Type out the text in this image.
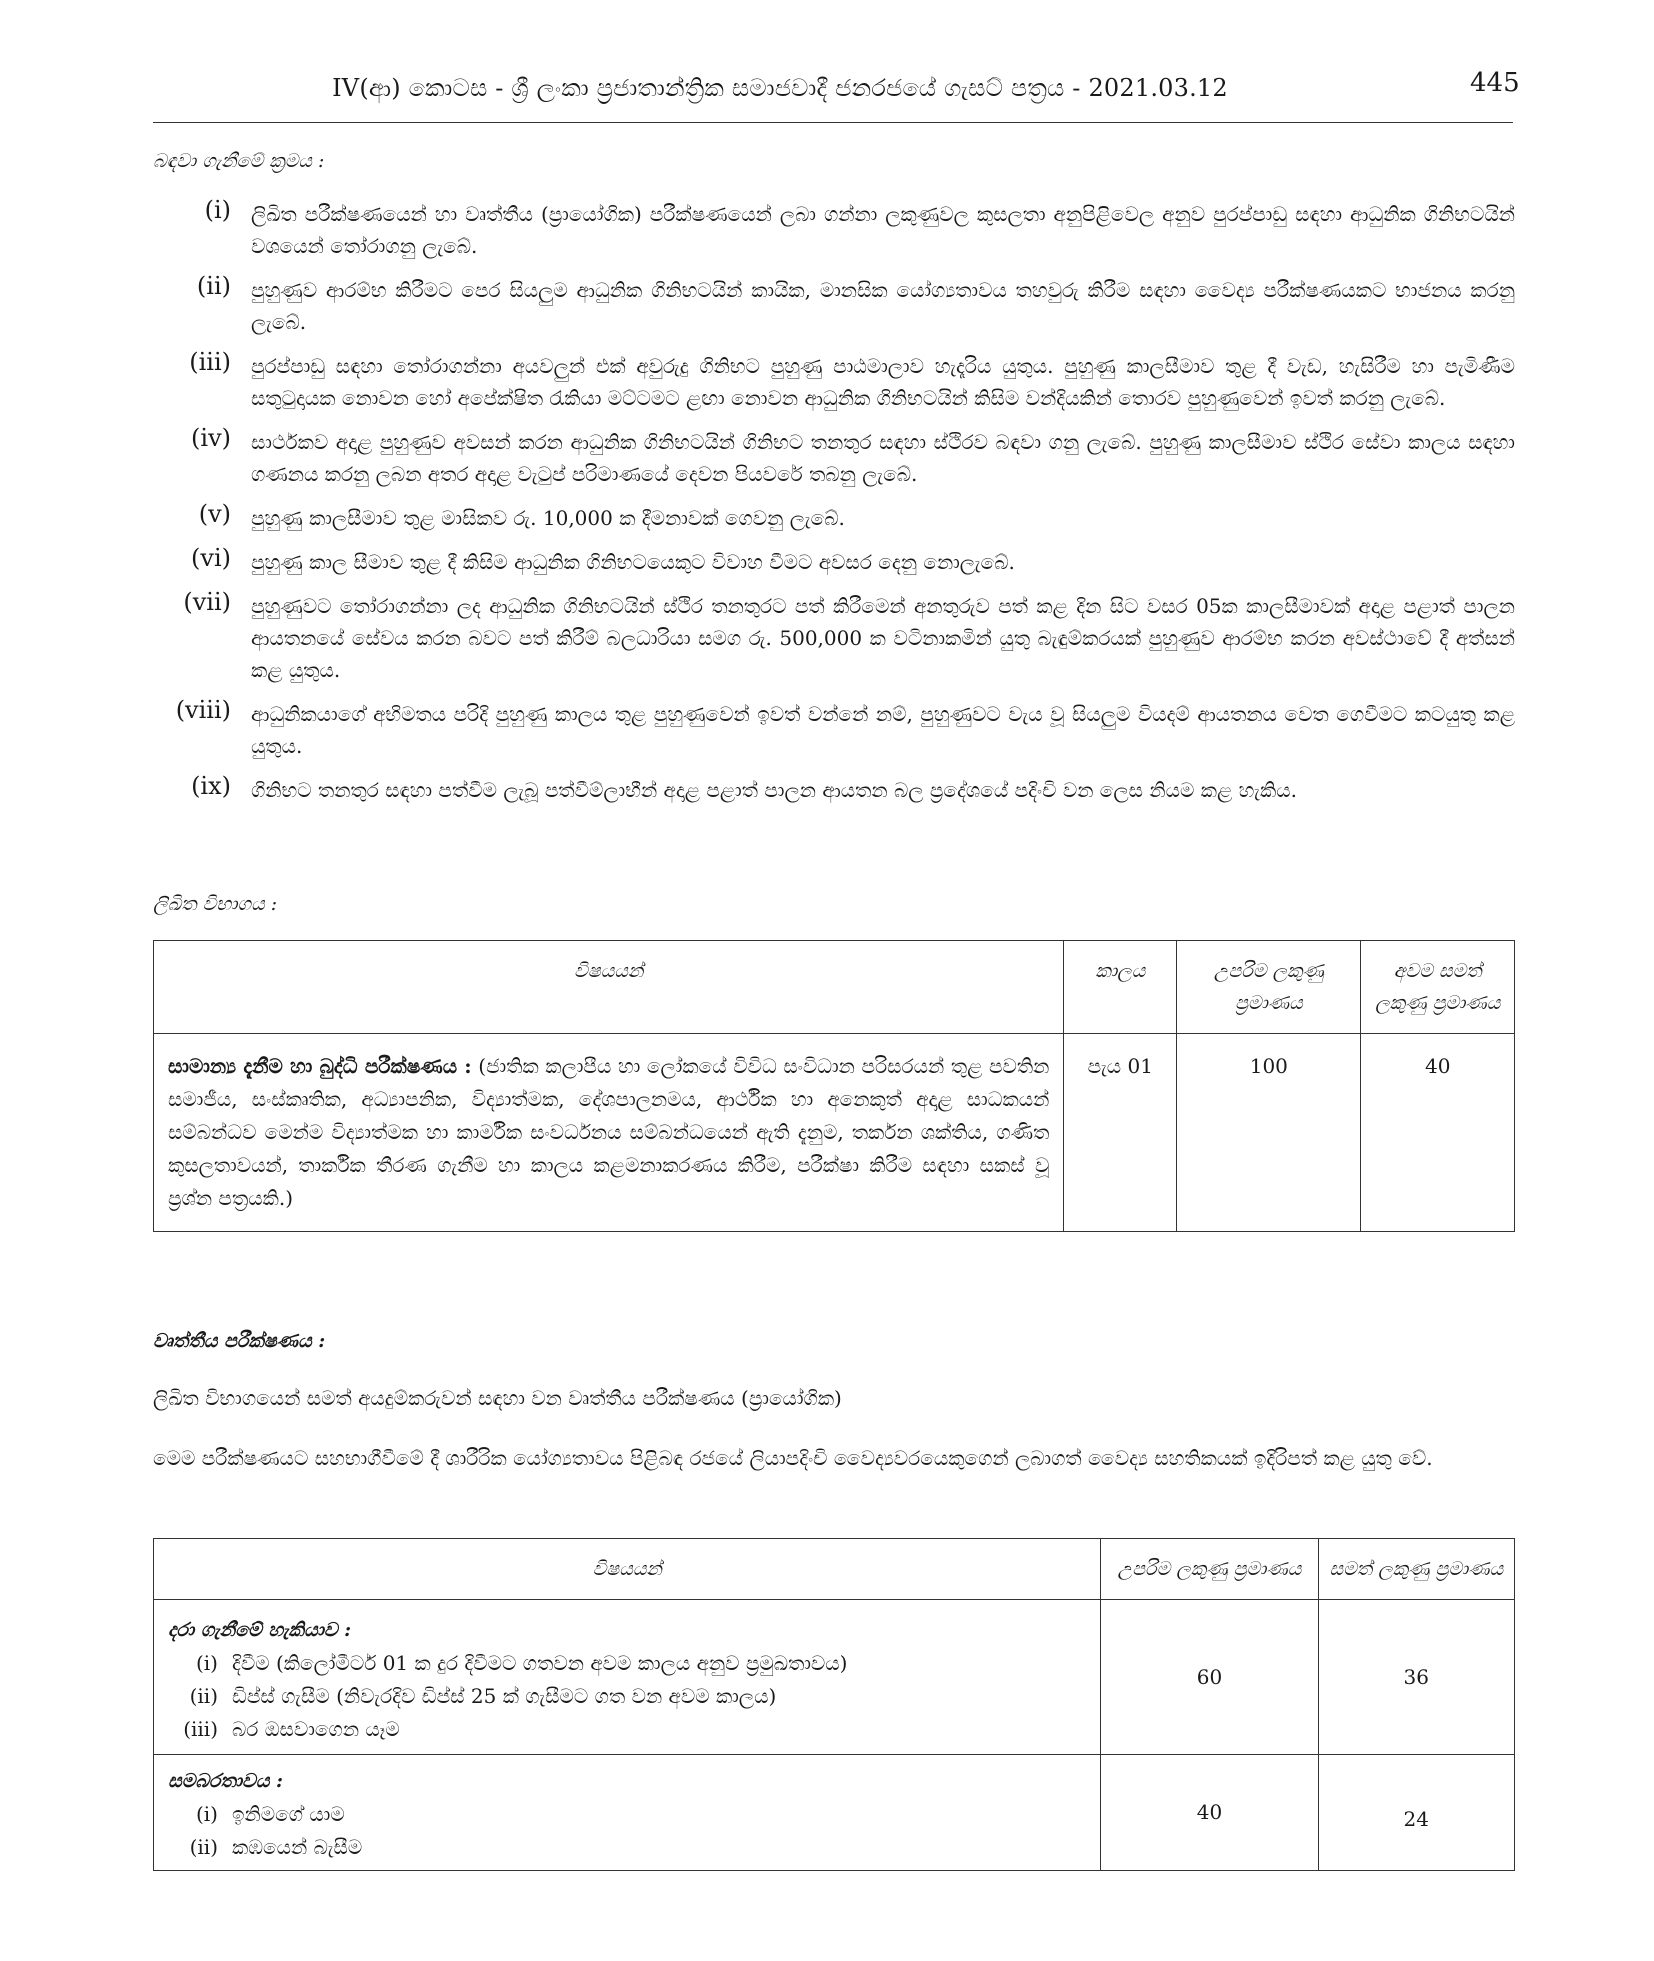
IV(ආ) කොටස - ශ්‍රී ලංකා ප්‍රජාතාන්ත්‍රික සමාජවාදී ජනරජයේ ගැසට් පත්‍රය - 2021.03.12	445
බඳවා ගැනීමේ ක්‍රමය :
(i) ලිඛිත පරීක්ෂණයෙන් හා වෘත්තීය (ප්‍රායෝගික) පරීක්ෂණයෙන් ලබා ගන්නා ලකුණුවල කුසලතා අනුපිළිවෙල අනුව පුරප්පාඩු සඳහා ආධුනික ගිනිභටයින් වශයෙන් තෝරාගනු ලැබේ.
(ii) පුහුණුව ආරම්භ කිරීමට පෙර සියලුම ආධුනික ගිනිභටයින් කායික, මානසික යෝග්‍යතාවය තහවුරු කිරීම සඳහා වෛද්‍ය පරීක්ෂණයකට භාජනය කරනු ලැබේ.
(iii) පුරප්පාඩු සඳහා තෝරාගන්නා අයවලුන් එක් අවුරුදු ගිනිභට පුහුණු පාඨමාලාව හැදෑරිය යුතුය. පුහුණු කාලසීමාව තුළ දී වැඩ, හැසිරීම හා පැමිණීම සතුටුදායක නොවන හෝ අපේක්ෂිත රැකියා මට්ටමට ළඟා නොවන ආධුනික ගිනිභටයින් කිසිම වන්දියකින් තොරව පුහුණුවෙන් ඉවත් කරනු ලැබේ.
(iv) සාර්ථකව අදාළ පුහුණුව අවසන් කරන ආධුනික ගිනිභටයින් ගිනිභට තනතුර සඳහා ස්ථිරව බඳවා ගනු ලැබේ. පුහුණු කාලසීමාව ස්ථිර සේවා කාලය සඳහා ගණනය කරනු ලබන අතර අදාළ වැටුප් පරිමාණයේ දෙවන පියවරේ තබනු ලැබේ.
(v) පුහුණු කාලසීමාව තුළ මාසිකව රු. 10,000 ක දීමනාවක් ගෙවනු ලැබේ.
(vi) පුහුණු කාල සීමාව තුළ දී කිසිම ආධුනික ගිනිභටයෙකුට විවාහ වීමට අවසර දෙනු නොලැබේ.
(vii) පුහුණුවට තෝරාගන්නා ලද ආධුනික ගිනිභටයින් ස්ථිර තනතුරට පත් කිරීමෙන් අනතුරුව පත් කළ දින සිට වසර 05ක කාලසීමාවක් අදාළ පළාත් පාලන ආයතනයේ සේවය කරන බවට පත් කිරීම් බලධාරියා සමග රු. 500,000 ක වටිනාකමින් යුතු බැඳුම්කරයක් පුහුණුව ආරම්භ කරන අවස්ථාවේ දී අත්සන් කළ යුතුය.
(viii) ආධුනිකයාගේ අභිමතය පරිදි පුහුණු කාලය තුළ පුහුණුවෙන් ඉවත් වන්නේ නම්, පුහුණුවට වැය වූ සියලුම වියදම් ආයතනය වෙත ගෙවීමට කටයුතු කළ යුතුය.
(ix) ගිනිභට තනතුර සඳහා පත්වීම ලැබූ පත්වීම්ලාභීන් අදාළ පළාත් පාලන ආයතන බල ප්‍රදේශයේ පදිංචි වන ලෙස නියම කළ හැකිය.
ලිඛිත විභාගය :
විෂයයන්	කාලය	උපරිම ලකුණු ප්‍රමාණය	අවම සමත් ලකුණු ප්‍රමාණය
සාමාන්‍ය දැනීම හා බුද්ධි පරීක්ෂණය : (ජාතික කලාපීය හා ලෝකයේ විවිධ සංවිධාන පරිසරයන් තුළ පවතින සමාජීය, සංස්කෘතික, අධ්‍යාපනික, විද්‍යාත්මක, දේශපාලනමය, ආර්ථික හා අනෙකුත් අදාළ සාධකයන් සම්බන්ධව මෙන්ම විද්‍යාත්මක හා කාර්මික සංවර්ධනය සම්බන්ධයෙන් ඇති දැනුම, තර්කන ශක්තිය, ගණිත කුසලතාවයන්, තාර්කික තීරණ ගැනීම හා කාලය කළමනාකරණය කිරීම, පරීක්ෂා කිරීම සඳහා සකස් වූ ප්‍රශ්න පත්‍රයකි.)	පැය 01	100	40
වෘත්තීය පරීක්ෂණය :
ලිඛිත විභාගයෙන් සමත් අයදුම්කරුවන් සඳහා වන වෘත්තීය පරීක්ෂණය (ප්‍රායෝගික)
මෙම පරීක්ෂණයට සහභාගීවීමේ දී ශාරීරික යෝග්‍යතාවය පිළිබඳ රජයේ ලියාපදිංචි වෛද්‍යවරයෙකුගෙන් ලබාගත් වෛද්‍ය සහතිකයක් ඉදිරිපත් කළ යුතු වේ.
විෂයයන්	උපරිම ලකුණු ප්‍රමාණය	සමත් ලකුණු ප්‍රමාණය

දරා ගැනීමේ හැකියාව :
(i) දිවීම (කිලෝමීටර් 01 ක දුර දිවීමට ගතවන අවම කාලය අනුව ප්‍රමුඛතාවය)
(ii) ඩිප්ස් ගැසීම (නිවැරදිව ඩිප්ස් 25 ක් ගැසීමට ගත වන අවම කාලය)
(iii) බර ඔසවාගෙන යෑම	60	36

සමබරතාවය :
(i) ඉනිමගේ යාම
(ii) කඹයෙන් බැසීම	40	24
